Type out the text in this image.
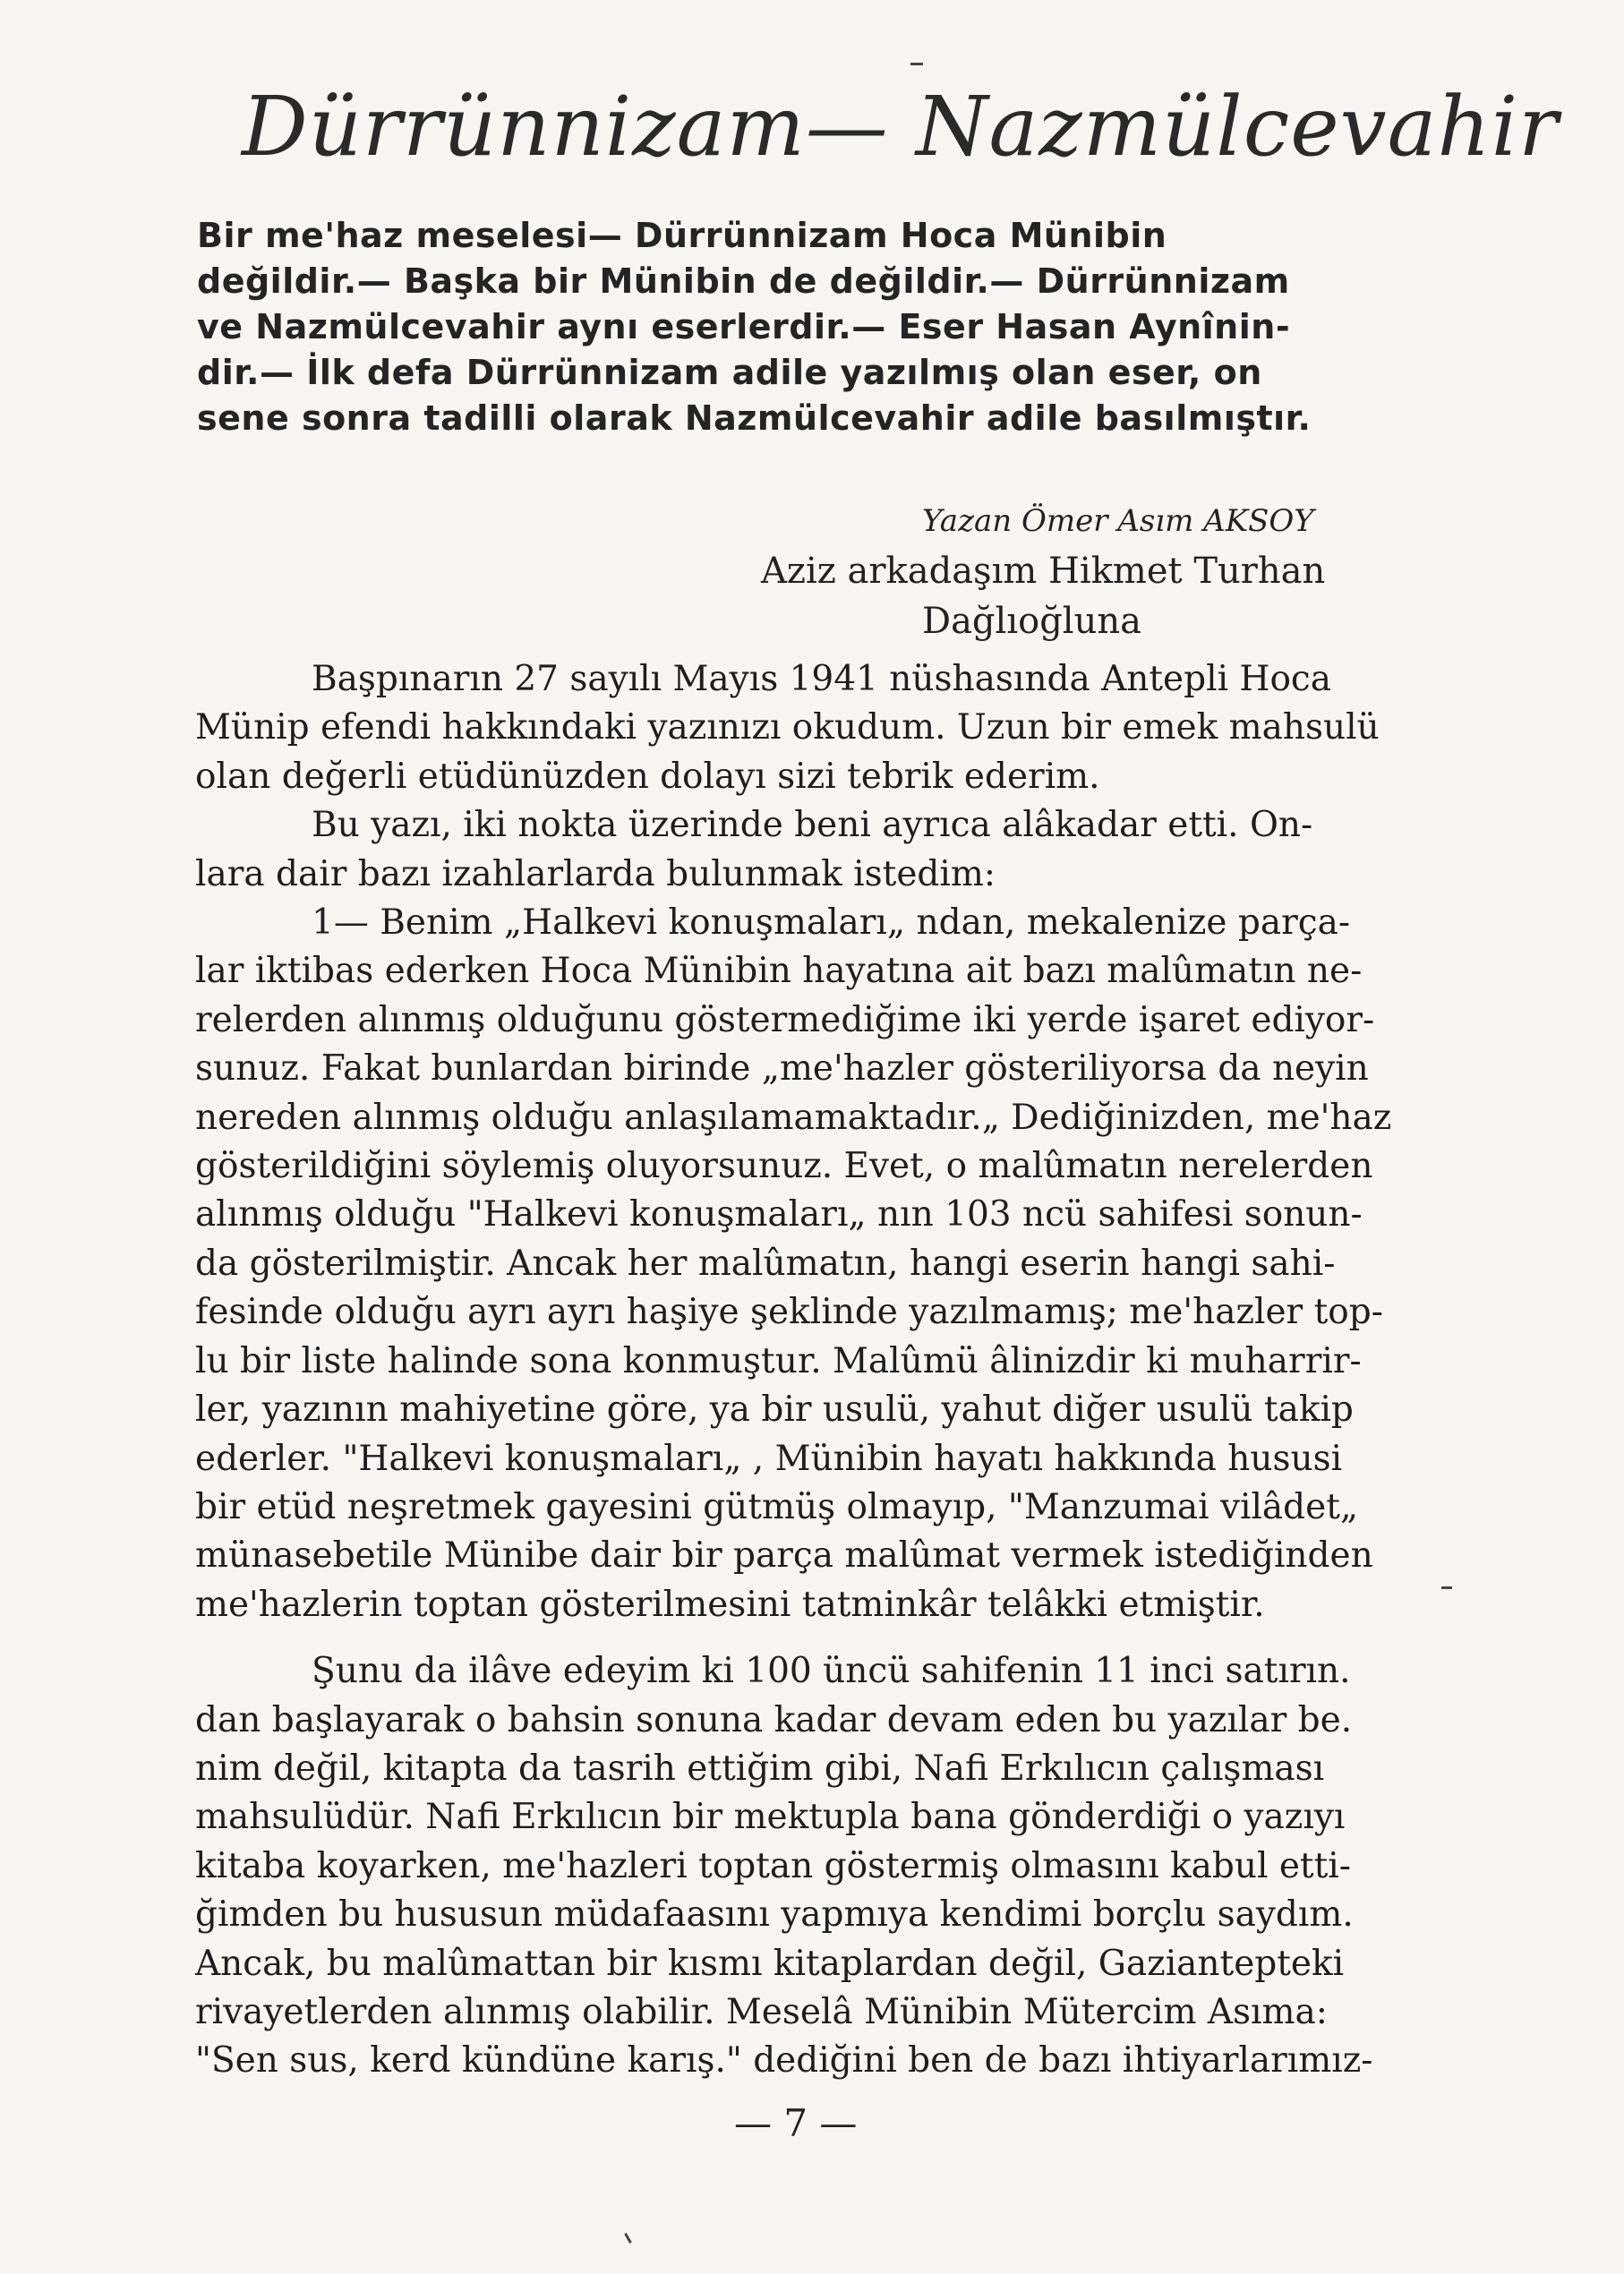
Dürrünnizam— Nazmülcevahir
Bir me'haz meselesi— Dürrünnizam Hoca Münibin
değildir.— Başka bir Münibin de değildir.— Dürrünnizam
ve Nazmülcevahir aynı eserlerdir.— Eser Hasan Aynînin-
dir.— İlk defa Dürrünnizam adile yazılmış olan eser, on
sene sonra tadilli olarak Nazmülcevahir adile basılmıştır.
Yazan Ömer Asım AKSOY
Aziz arkadaşım Hikmet Turhan
Dağlıoğluna
Başpınarın 27 sayılı Mayıs 1941 nüshasında Antepli Hoca
Münip efendi hakkındaki yazınızı okudum. Uzun bir emek mahsulü
olan değerli etüdünüzden dolayı sizi tebrik ederim.
Bu yazı, iki nokta üzerinde beni ayrıca alâkadar etti. On-
lara dair bazı izahlarlarda bulunmak istedim:
1— Benim „Halkevi konuşmaları„ ndan, mekalenize parça-
lar iktibas ederken Hoca Münibin hayatına ait bazı malûmatın ne-
relerden alınmış olduğunu göstermediğime iki yerde işaret ediyor-
sunuz. Fakat bunlardan birinde „me'hazler gösteriliyorsa da neyin
nereden alınmış olduğu anlaşılamamaktadır.„ Dediğinizden, me'haz
gösterildiğini söylemiş oluyorsunuz. Evet, o malûmatın nerelerden
alınmış olduğu "Halkevi konuşmaları„ nın 103 ncü sahifesi sonun-
da gösterilmiştir. Ancak her malûmatın, hangi eserin hangi sahi-
fesinde olduğu ayrı ayrı haşiye şeklinde yazılmamış; me'hazler top-
lu bir liste halinde sona konmuştur. Malûmü âlinizdir ki muharrir-
ler, yazının mahiyetine göre, ya bir usulü, yahut diğer usulü takip
ederler. "Halkevi konuşmaları„ , Münibin hayatı hakkında hususi
bir etüd neşretmek gayesini gütmüş olmayıp, "Manzumai vilâdet„
münasebetile Münibe dair bir parça malûmat vermek istediğinden
me'hazlerin toptan gösterilmesini tatminkâr telâkki etmiştir.
Şunu da ilâve edeyim ki 100 üncü sahifenin 11 inci satırın.
dan başlayarak o bahsin sonuna kadar devam eden bu yazılar be.
nim değil, kitapta da tasrih ettiğim gibi, Nafi Erkılıcın çalışması
mahsulüdür. Nafi Erkılıcın bir mektupla bana gönderdiği o yazıyı
kitaba koyarken, me'hazleri toptan göstermiş olmasını kabul etti-
ğimden bu hususun müdafaasını yapmıya kendimi borçlu saydım.
Ancak, bu malûmattan bir kısmı kitaplardan değil, Gaziantepteki
rivayetlerden alınmış olabilir. Meselâ Münibin Mütercim Asıma:
"Sen sus, kerd kündüne karış." dediğini ben de bazı ihtiyarlarımız-
— 7 —
